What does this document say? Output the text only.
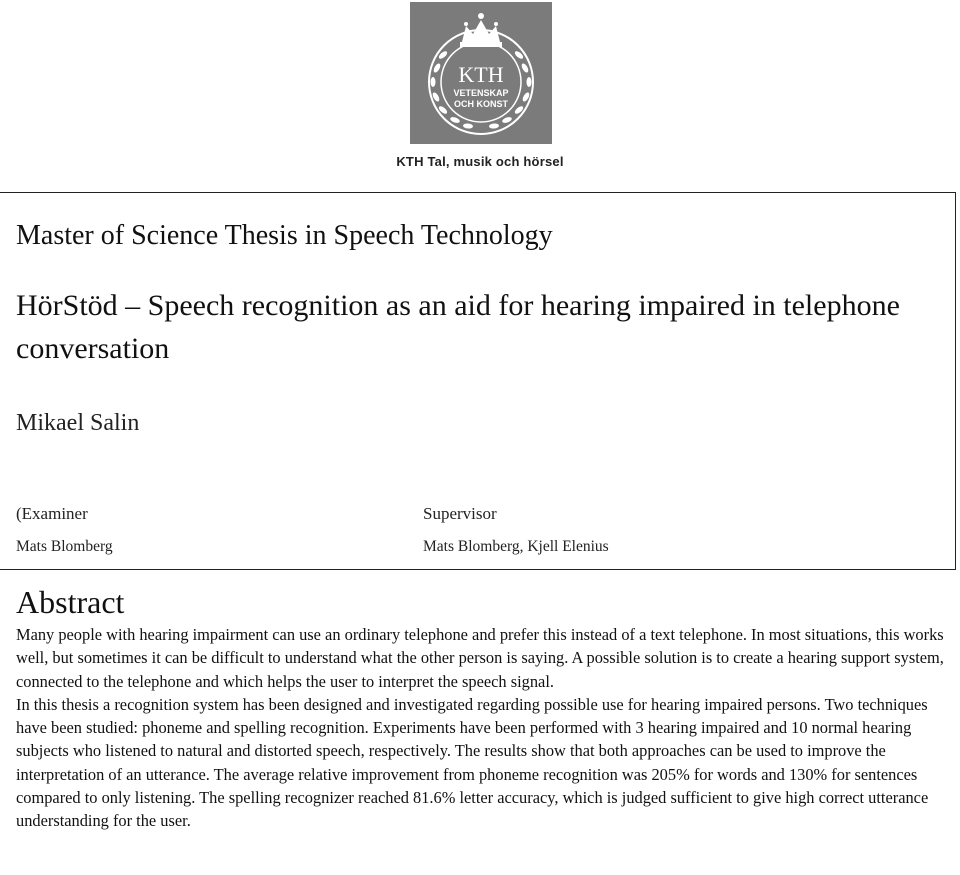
KTH
VETENSKAP
OCH KONST
KTH Tal, musik och hörsel
Master of Science Thesis in Speech Technology
HörStöd – Speech recognition as an aid for hearing impaired in telephone conversation
Mikael Salin
(Examiner
Mats Blomberg
Supervisor
Mats Blomberg, Kjell Elenius
Abstract

Many people with hearing impairment can use an ordinary telephone and prefer this instead of a text telephone. In most situations, this works well, but sometimes it can be difficult to understand what the other person is saying. A possible solution is to create a hearing support system, connected to the telephone and which helps the user to interpret the speech signal.

In this thesis a recognition system has been designed and investigated regarding possible use for hearing impaired persons. Two techniques have been studied: phoneme and spelling recognition. Experiments have been performed with 3 hearing impaired and 10 normal hearing subjects who listened to natural and distorted speech, respectively. The results show that both approaches can be used to improve the interpretation of an utterance. The average relative improvement from phoneme recognition was 205% for words and 130% for sentences compared to only listening. The spelling recognizer reached 81.6% letter accuracy, which is judged sufficient to give high correct utterance understanding for the user.
